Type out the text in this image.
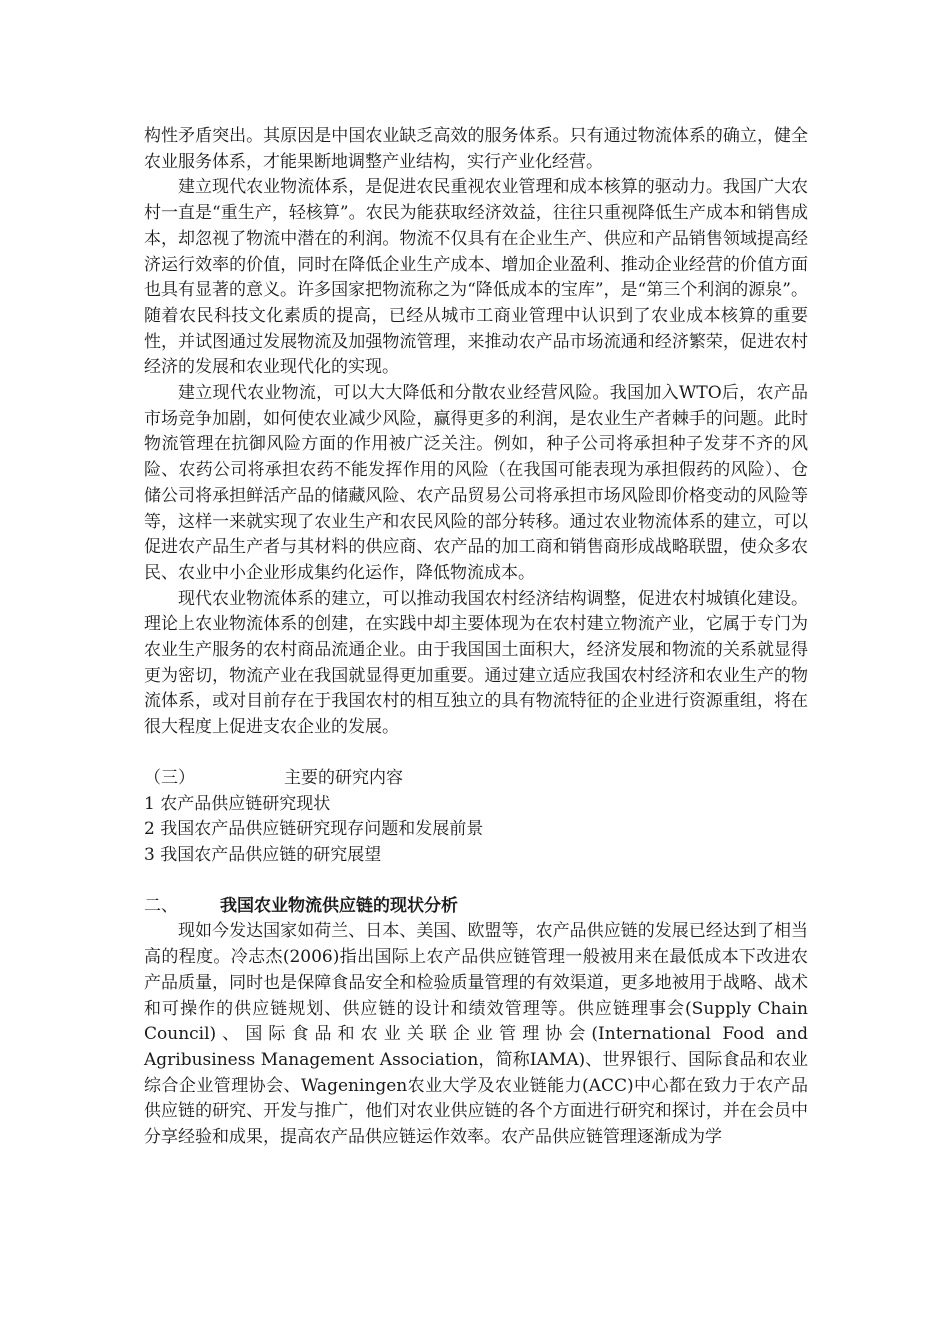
构性矛盾突出。其原因是中国农业缺乏高效的服务体系。只有通过物流体系的确立，健全农业服务体系，才能果断地调整产业结构，实行产业化经营。

建立现代农业物流体系，是促进农民重视农业管理和成本核算的驱动力。我国广大农村一直是“重生产，轻核算”。农民为能获取经济效益，往往只重视降低生产成本和销售成本，却忽视了物流中潜在的利润。物流不仅具有在企业生产、供应和产品销售领域提高经济运行效率的价值，同时在降低企业生产成本、增加企业盈利、推动企业经营的价值方面也具有显著的意义。许多国家把物流称之为“降低成本的宝库”，是“第三个利润的源泉”。随着农民科技文化素质的提高，已经从城市工商业管理中认识到了农业成本核算的重要性，并试图通过发展物流及加强物流管理，来推动农产品市场流通和经济繁荣，促进农村经济的发展和农业现代化的实现。

建立现代农业物流，可以大大降低和分散农业经营风险。我国加入WTO后，农产品市场竞争加剧，如何使农业减少风险，赢得更多的利润，是农业生产者棘手的问题。此时物流管理在抗御风险方面的作用被广泛关注。例如，种子公司将承担种子发芽不齐的风险、农药公司将承担农药不能发挥作用的风险（在我国可能表现为承担假药的风险）、仓储公司将承担鲜活产品的储藏风险、农产品贸易公司将承担市场风险即价格变动的风险等等，这样一来就实现了农业生产和农民风险的部分转移。通过农业物流体系的建立，可以促进农产品生产者与其材料的供应商、农产品的加工商和销售商形成战略联盟，使众多农民、农业中小企业形成集约化运作，降低物流成本。

现代农业物流体系的建立，可以推动我国农村经济结构调整，促进农村城镇化建设。理论上农业物流体系的创建，在实践中却主要体现为在农村建立物流产业，它属于专门为农业生产服务的农村商品流通企业。由于我国国土面积大，经济发展和物流的关系就显得更为密切，物流产业在我国就显得更加重要。通过建立适应我国农村经济和农业生产的物流体系，或对目前存在于我国农村的相互独立的具有物流特征的企业进行资源重组，将在很大程度上促进支农企业的发展。

（三）	主要的研究内容

1 农产品供应链研究现状

2 我国农产品供应链研究现存问题和发展前景

3 我国农产品供应链的研究展望

二、	我国农业物流供应链的现状分析

现如今发达国家如荷兰、日本、美国、欧盟等，农产品供应链的发展已经达到了相当高的程度。冷志杰(2006)指出国际上农产品供应链管理一般被用来在最低成本下改进农产品质量，同时也是保障食品安全和检验质量管理的有效渠道，更多地被用于战略、战术和可操作的供应链规划、供应链的设计和绩效管理等。供应链理事会(Supply Chain Council)、国际食品和农业关联企业管理协会(International Food and Agribusiness Management Association，简称IAMA)、世界银行、国际食品和农业综合企业管理协会、Wageningen农业大学及农业链能力(ACC)中心都在致力于农产品供应链的研究、开发与推广，他们对农业供应链的各个方面进行研究和探讨，并在会员中分享经验和成果，提高农产品供应链运作效率。农产品供应链管理逐渐成为学
